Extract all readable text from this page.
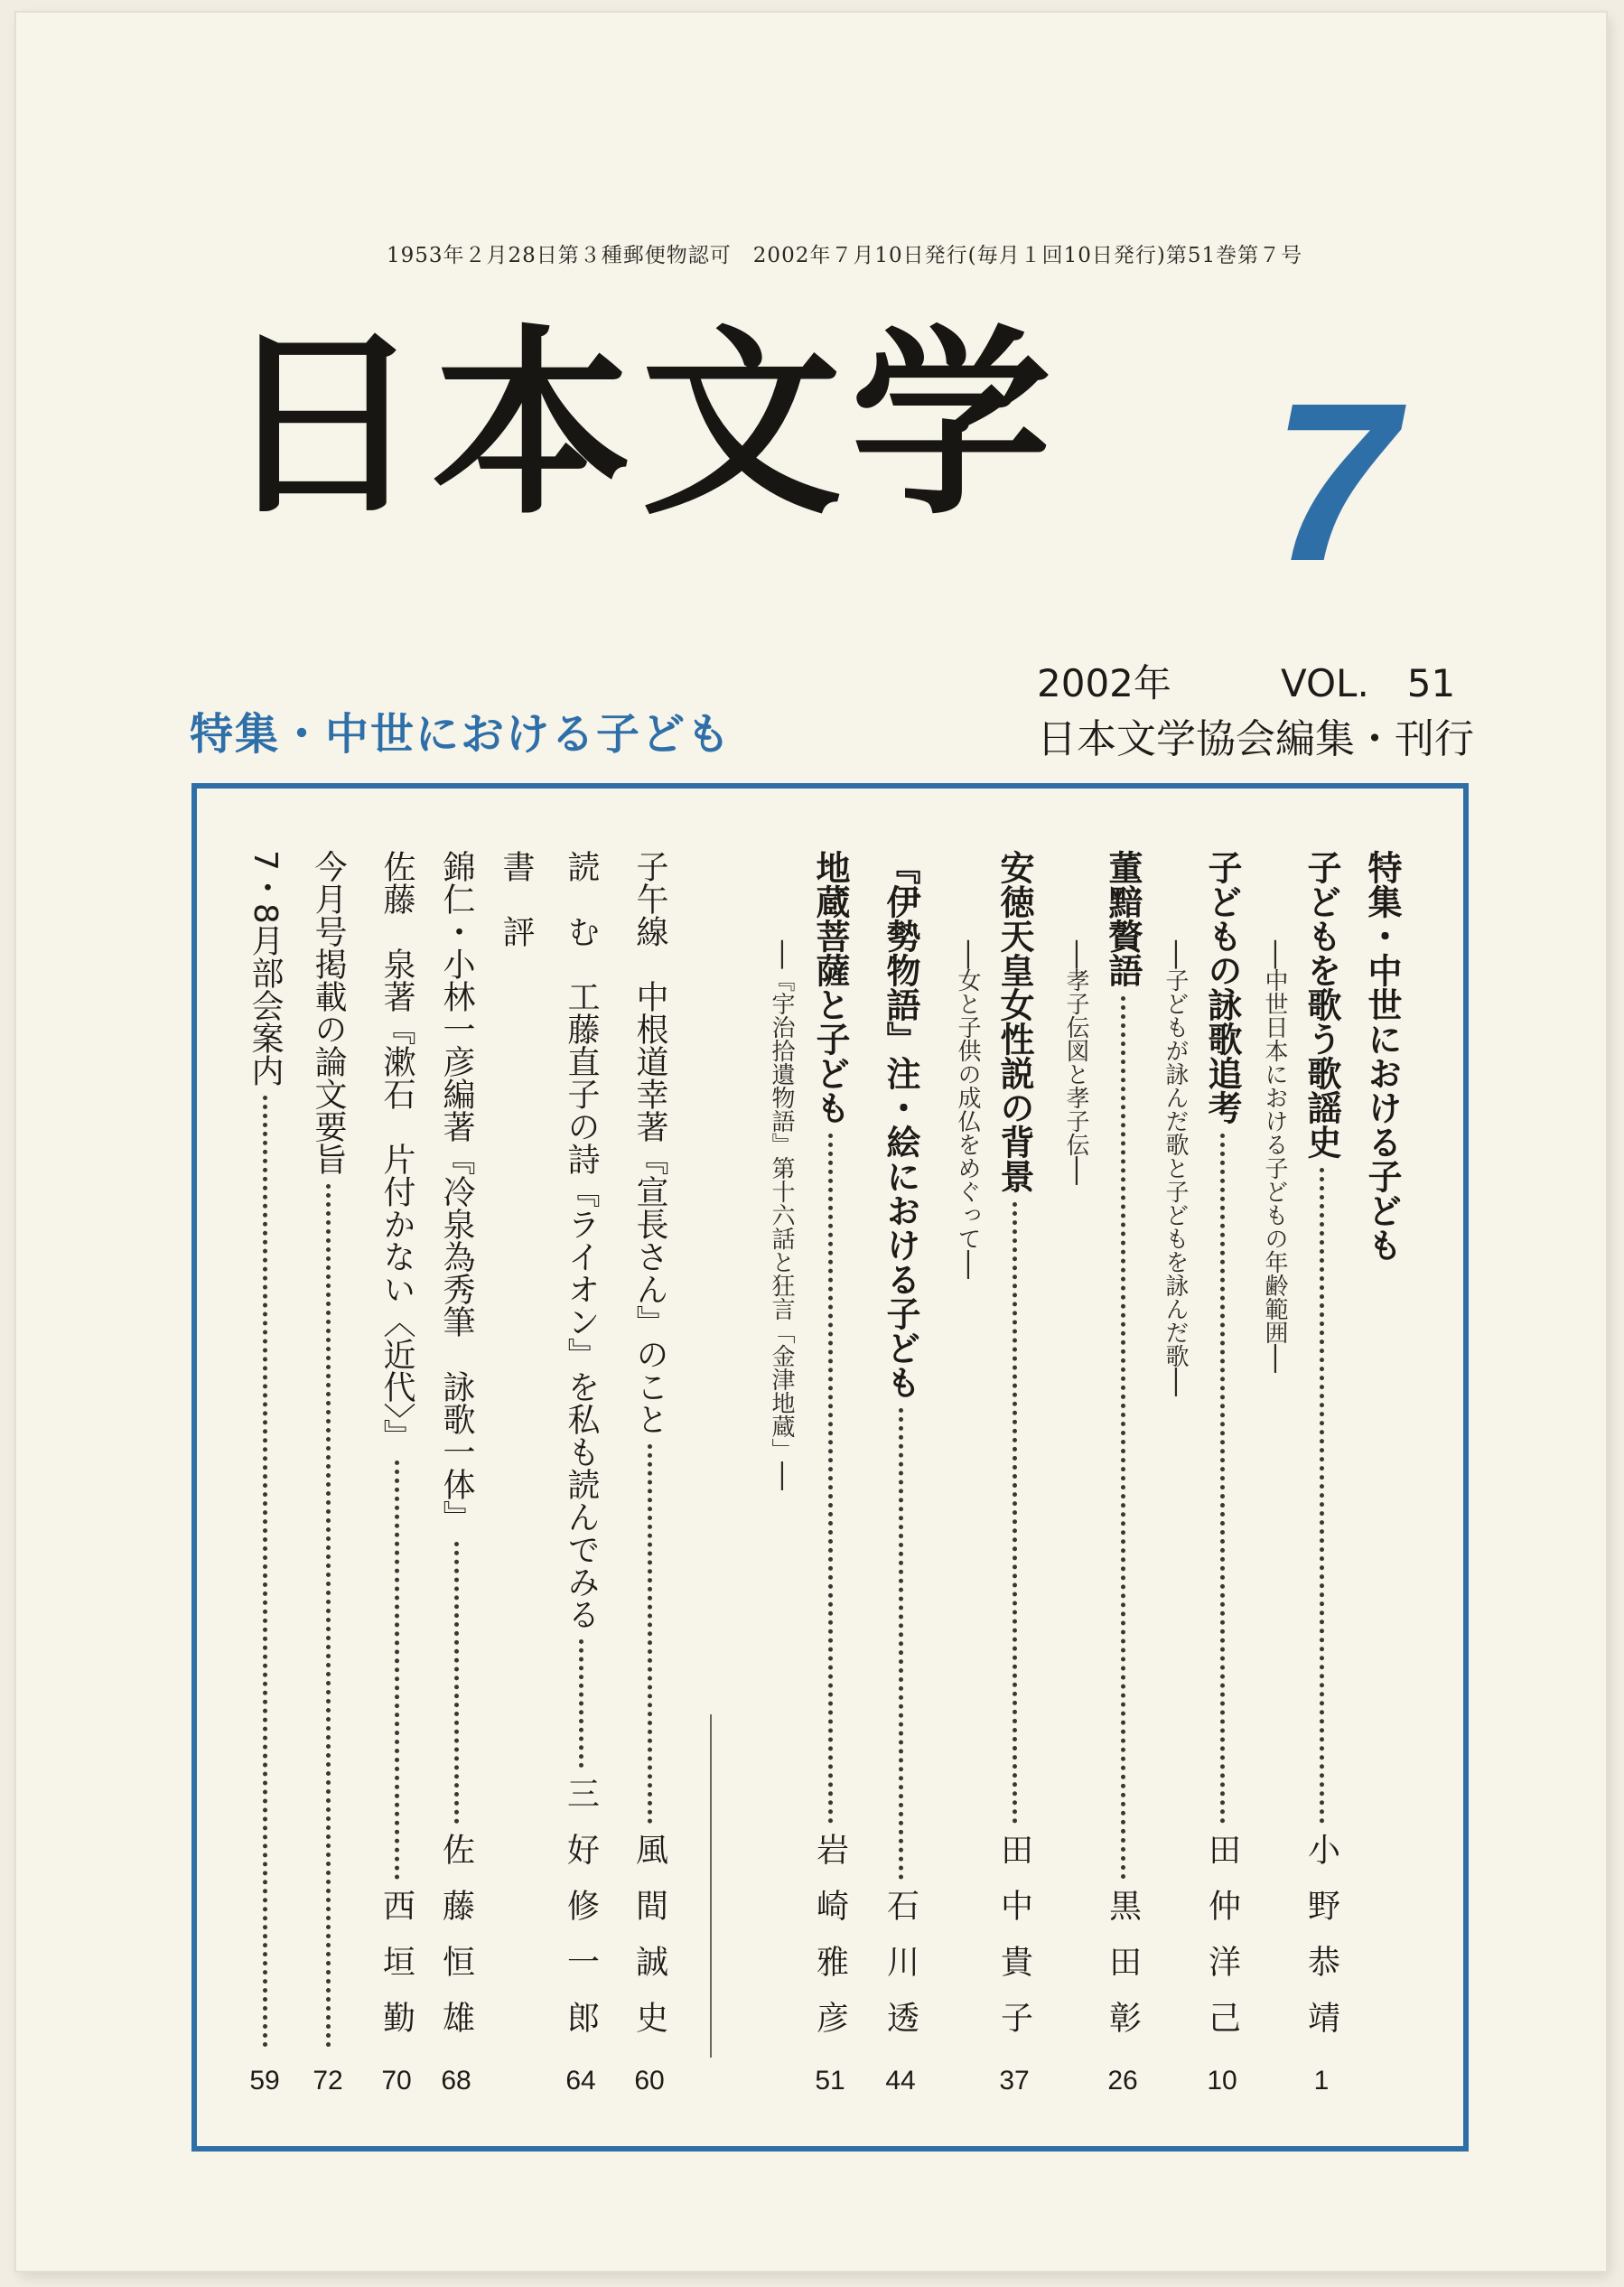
1953年２月28日第３種郵便物認可　2002年７月10日発行(毎月１回10日発行)第51巻第７号
日本文学 7
2002年	VOL.　51
日本文学協会編集・刊行
特集・中世における子ども
特集・中世における子ども
子どもを歌う歌謡史
小野恭靖
1
──中世日本における子どもの年齢範囲──
子どもの詠歌追考
田仲洋己
10
──子どもが詠んだ歌と子どもを詠んだ歌──
董黯贅語
黒田彰
26
──孝子伝図と孝子伝──
安徳天皇女性説の背景
田中貴子
37
──女と子供の成仏をめぐって──
『伊勢物語』注・絵における子ども
石川透
44
地蔵菩薩と子ども
岩崎雅彦
51
──『宇治拾遺物語』第十六話と狂言「金津地蔵」──
子午線　中根道幸著『宣長さん』のこと
風間誠史
60
読　む　工藤直子の詩『ライオン』を私も読んでみる
三好修一郎
64
書　評
錦仁・小林一彦編著『冷泉為秀筆　詠歌一体』
佐藤恒雄
68
佐藤　泉著『漱石　片付かない〈近代〉』
西垣勤
70
今月号掲載の論文要旨
72
7・8月部会案内
59
